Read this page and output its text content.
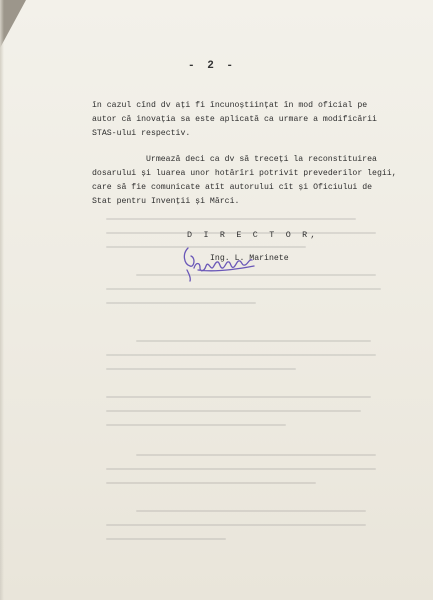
- 2 -
în cazul cînd dv ați fi încunoștiințat în mod oficial pe
autor că inovația sa este aplicată ca urmare a modificării
STAS-ului respectiv.
Urmează deci ca dv să treceți la reconstituirea
dosarului și luarea unor hotărîri potrivit prevederilor legii,
care să fie comunicate atît autorului cît și Oficiului de
Stat pentru Invenții și Mărci.
D I R E C T O R,
Ing. L. Marinete
